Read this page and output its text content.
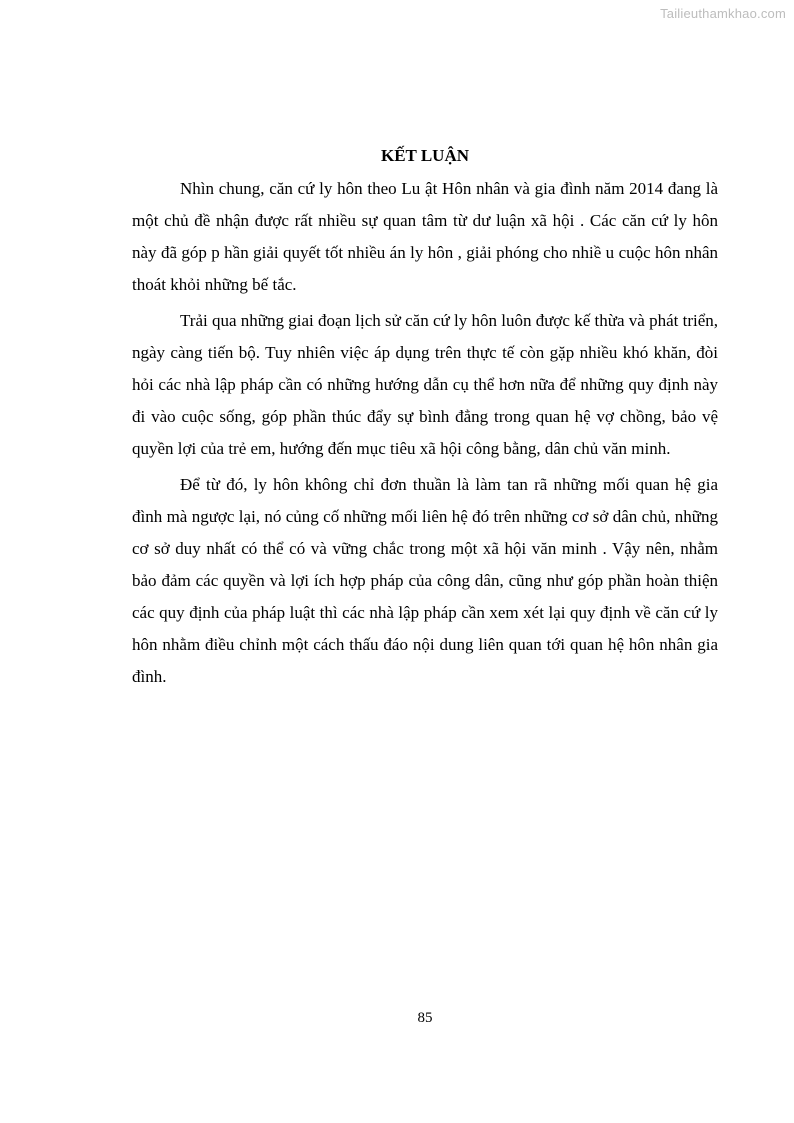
Tailieuthamkhao.com
KẾT LUẬN

Nhìn chung, căn cứ ly hôn theo Lu ật Hôn nhân và gia đình năm 2014 đang là một chủ đề nhận được rất nhiều sự quan tâm từ dư luận xã hội . Các căn cứ ly hôn này đã góp p hần giải quyết tốt nhiều án ly hôn , giải phóng cho nhiề u cuộc hôn nhân thoát khỏi những bế tắc.

Trải qua những giai đoạn lịch sử căn cứ ly hôn luôn được kế thừa và phát triển, ngày càng tiến bộ. Tuy nhiên việc áp dụng trên thực tế còn gặp nhiều khó khăn, đòi hỏi các nhà lập pháp cần có những hướng dẫn cụ thể hơn nữa để những quy định này đi vào cuộc sống, góp phần thúc đẩy sự bình đẳng trong quan hệ vợ chồng, bảo vệ quyền lợi của trẻ em, hướng đến mục tiêu xã hội công bằng, dân chủ văn minh.

Để từ đó, ly hôn không chỉ đơn thuần là làm tan rã những mối quan hệ gia đình mà ngược lại, nó củng cố những mối liên hệ đó trên những cơ sở dân chủ, những cơ sở duy nhất có thể có và vững chắc trong một xã hội văn minh . Vậy nên, nhằm bảo đảm các quyền và lợi ích hợp pháp của công dân, cũng như góp phần hoàn thiện các quy định của pháp luật thì các nhà lập pháp cần xem xét lại quy định về căn cứ ly hôn nhằm điều chỉnh một cách thấu đáo nội dung liên quan tới quan hệ hôn nhân gia đình.

85
